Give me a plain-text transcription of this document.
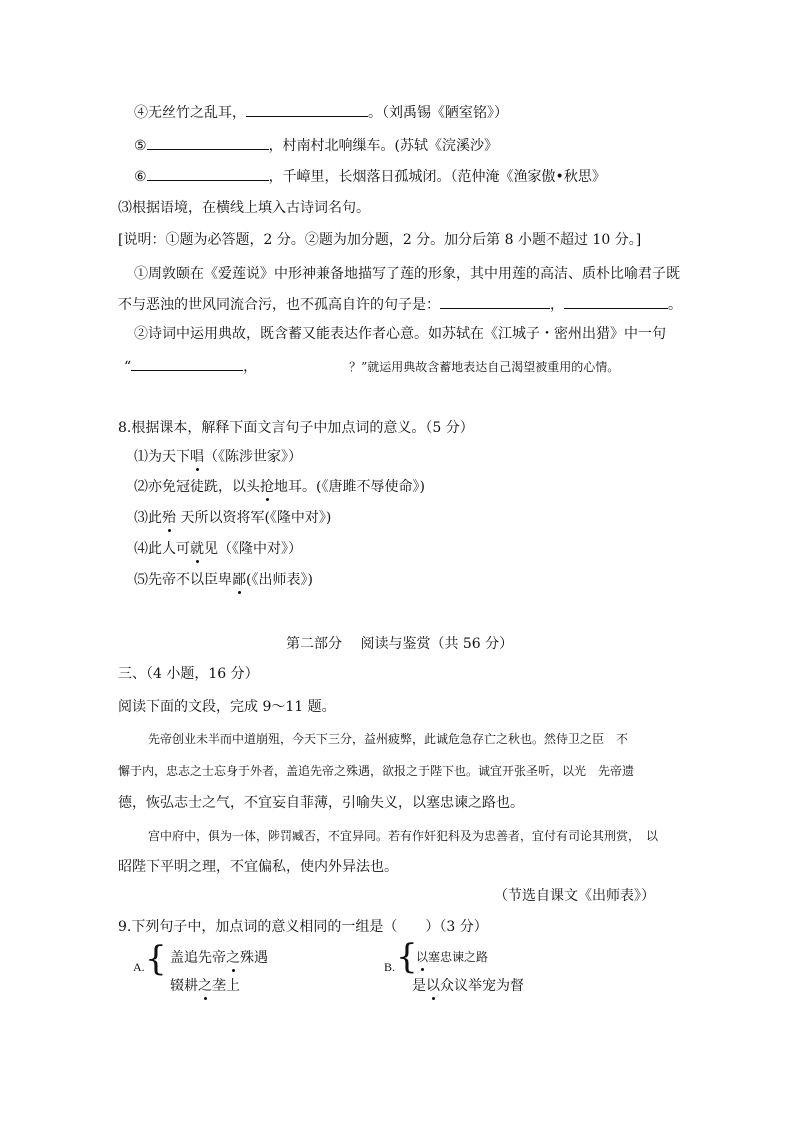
④无丝竹之乱耳，	。（刘禹锡《陋室铭》）
⑤	，村南村北响缫车。(苏轼《浣溪沙》
⑥	，千嶂里，长烟落日孤城闭。（范仲淹《渔家傲•秋思》
⑶根据语境，在横线上填入古诗词名句。
[说明：①题为必答题，2 分。②题为加分题，2 分。加分后第 8 小题不超过 10 分。]
①周敦颐在《爱莲说》中形神兼备地描写了莲的形象，其中用莲的高洁、质朴比喻君子既
不与恶浊的世风同流合污，也不孤高自许的句子是：	，	。
②诗词中运用典故，既含蓄又能表达作者心意。如苏轼在《江城子・密州出猎》中一句
“	，	？”就运用典故含蓄地表达自己渴望被重用的心情。
8.根据课本，解释下面文言句子中加点词的意义。（5 分）
⑴为天下唱（《陈涉世家》）
⑵亦免冠徒跣，以头抢地耳。(《唐雎不辱使命》)
⑶此殆 天所以资将军(《隆中对》)
⑷此人可就见（《隆中对》）
⑸先帝不以臣卑鄙(《出师表》)
第二部分　 阅读与鉴赏（共 56 分）
三、（4 小题，16 分）
阅读下面的文段，完成 9～11 题。
先帝创业未半而中道崩殂，今天下三分，益州疲弊，此诚危急存亡之秋也。然侍卫之臣　不
懈于内，忠志之士忘身于外者，盖追先帝之殊遇，欲报之于陛下也。诚宜开张圣听，以光　先帝遗
德，恢弘志士之气，不宜妄自菲薄，引喻失义，以塞忠谏之路也。
宫中府中，俱为一体，陟罚臧否，不宜异同。若有作奸犯科及为忠善者，宜付有司论其刑赏，　以
昭陛下平明之理，不宜偏私，使内外异法也。
（节选自课文《出师表》）
9.下列句子中，加点词的意义相同的一组是（　　）（3 分）
A. { 盖追先帝之殊遇
辍耕之垄上
B. {
以塞忠谏之路
是以众议举宠为督
